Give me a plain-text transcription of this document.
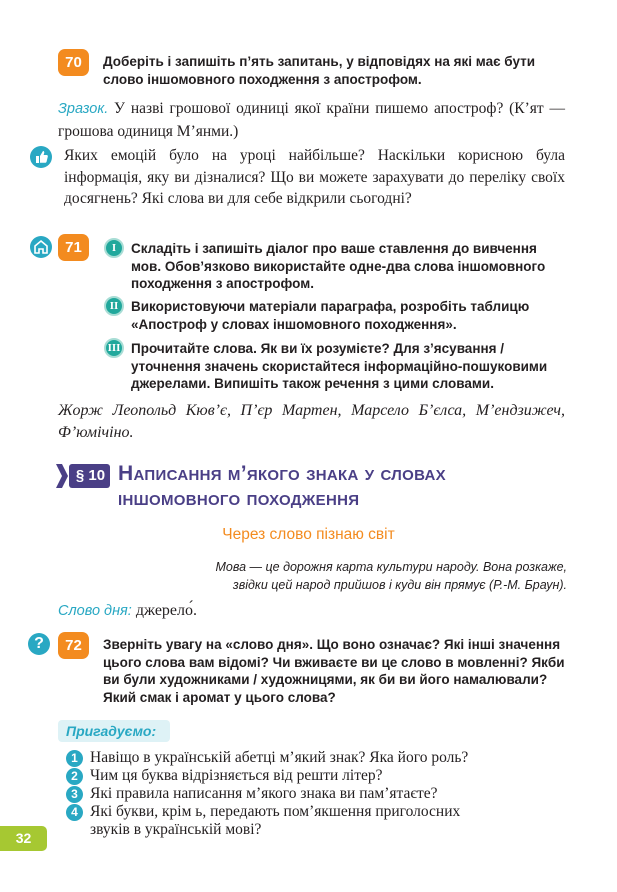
70	Доберіть і запишіть п’ять запитань, у відповідях на які має бути слово іншомовного походження з апострофом.
Зразок. У назві грошової одиниці якої країни пишемо апостроф? (К’ят — грошова одиниця М’янми.)
Яких емоцій було на уроці найбільше? Наскільки корисною була інформація, яку ви дізналися? Що ви можете зарахувати до переліку своїх досягнень? Які слова ви для себе відкрили сьогодні?
71	I	Складіть і запишіть діалог про ваше ставлення до вивчення мов. Обов’язково використайте одне-два слова іншомовного походження з апострофом.
II Використовуючи матеріали параграфа, розробіть таблицю «Апостроф у словах іншомовного походження».
III Прочитайте слова. Як ви їх розумієте? Для з’ясування / уточнення значень скористайтеся інформаційно-пошуковими джерелами. Випишіть також речення з цими словами.
Жорж Леопольд Кюв’є, П’єр Мартен, Марсело Б’єлса, М’ендзижеч, Ф’юмічіно.
§ 10 Написання м’якого знака у словах
іншомовного походження
Через слово пізнаю світ
Мова — це дорожня карта культури народу. Вона розкаже,
звідки цей народ прийшов і куди він прямує (Р.-М. Браун).
Слово дня: джерело́.
?	72	Зверніть увагу на «слово дня». Що воно означає? Які інші значення цього слова вам відомі? Чи вживаєте ви це слово в мовленні? Якби ви були художниками / художницями, як би ви його намалювали? Який смак і аромат у цього слова?
Пригадуємо:
1 Навіщо в українській абетці м’який знак? Яка його роль?
2 Чим ця буква відрізняється від решти літер?
3 Які правила написання м’якого знака ви пам’ятаєте?
4 Які букви, крім ь, передають пом’якшення приголосних
звуків в українській мові?
32
